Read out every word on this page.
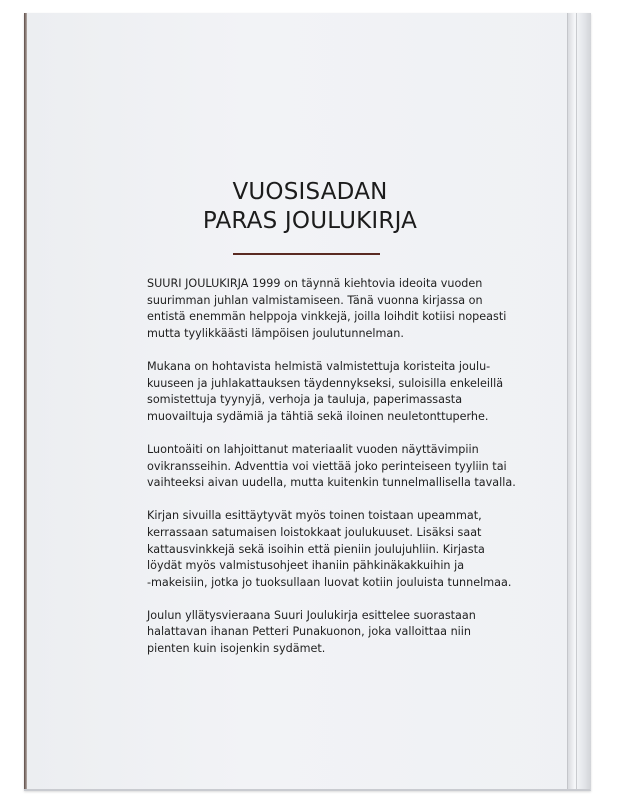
VUOSISADAN
PARAS JOULUKIRJA

SUURI JOULUKIRJA 1999 on täynnä kiehtovia ideoita vuoden
suurimman juhlan valmistamiseen. Tänä vuonna kirjassa on
entistä enemmän helppoja vinkkejä, joilla loihdit kotiisi nopeasti
mutta tyylikkäästi lämpöisen joulutunnelman.

Mukana on hohtavista helmistä valmistettuja koristeita joulu-
kuuseen ja juhlakattauksen täydennykseksi, suloisilla enkeleillä
somistettuja tyynyjä, verhoja ja tauluja, paperimassasta
muovailtuja sydämiä ja tähtiä sekä iloinen neuletonttuperhe.

Luontoäiti on lahjoittanut materiaalit vuoden näyttävimpiin
ovikransseihin. Adventtia voi viettää joko perinteiseen tyyliin tai
vaihteeksi aivan uudella, mutta kuitenkin tunnelmallisella tavalla.

Kirjan sivuilla esittäytyvät myös toinen toistaan upeammat,
kerrassaan satumaisen loistokkaat joulukuuset. Lisäksi saat
kattausvinkkejä sekä isoihin että pieniin joulujuhliin. Kirjasta
löydät myös valmistusohjeet ihaniin pähkinäkakkuihin ja
-makeisiin, jotka jo tuoksullaan luovat kotiin jouluista tunnelmaa.

Joulun yllätysvieraana Suuri Joulukirja esittelee suorastaan
halattavan ihanan Petteri Punakuonon, joka valloittaa niin
pienten kuin isojenkin sydämet.
